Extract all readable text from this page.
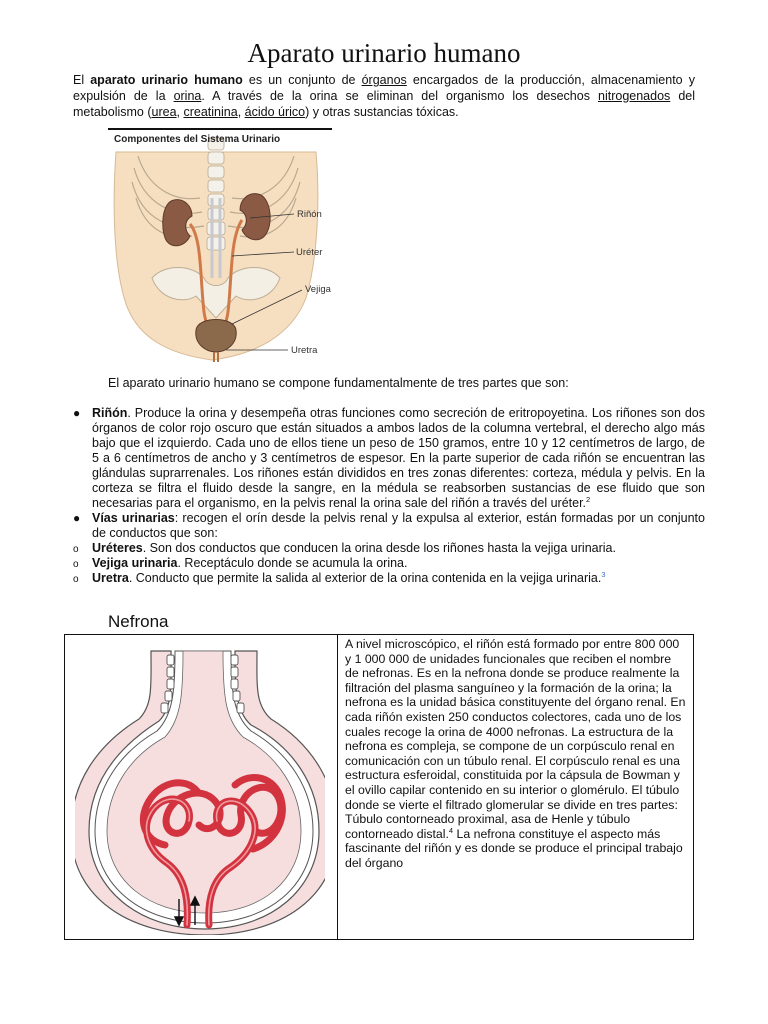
Aparato urinario humano
El aparato urinario humano es un conjunto de órganos encargados de la producción, almacenamiento y expulsión de la orina. A través de la orina se eliminan del organismo los desechos nitrogenados del metabolismo (urea, creatinina, ácido úrico) y otras sustancias tóxicas.
Componentes del Sistema Urinario
Riñón
Uréter
Vejiga
Uretra
El aparato urinario humano se compone fundamentalmente de tres partes que son:
● Riñón. Produce la orina y desempeña otras funciones como secreción de eritropoyetina. Los riñones son dos órganos de color rojo oscuro que están situados a ambos lados de la columna vertebral, el derecho algo más bajo que el izquierdo. Cada uno de ellos tiene un peso de 150 gramos, entre 10 y 12 centímetros de largo, de 5 a 6 centímetros de ancho y 3 centímetros de espesor. En la parte superior de cada riñón se encuentran las glándulas suprarrenales. Los riñones están divididos en tres zonas diferentes: corteza, médula y pelvis. En la corteza se filtra el fluido desde la sangre, en la médula se reabsorben sustancias de ese fluido que son necesarias para el organismo, en la pelvis renal la orina sale del riñón a través del uréter.$^2$
● Vías urinarias: recogen el orín desde la pelvis renal y la expulsa al exterior, están formadas por un conjunto de conductos que son:
o Uréteres. Son dos conductos que conducen la orina desde los riñones hasta la vejiga urinaria.
o Vejiga urinaria. Receptáculo donde se acumula la orina.
o Uretra. Conducto que permite la salida al exterior de la orina contenida en la vejiga urinaria.$^3$
Nefrona
A nivel microscópico, el riñón está formado por entre 800 000 y 1 000 000 de unidades funcionales que reciben el nombre de nefronas. Es en la nefrona donde se produce realmente la filtración del plasma sanguíneo y la formación de la orina; la nefrona es la unidad básica constituyente del órgano renal. En cada riñón existen 250 conductos colectores, cada uno de los cuales recoge la orina de 4000 nefronas. La estructura de la nefrona es compleja, se compone de un corpúsculo renal en comunicación con un túbulo renal. El corpúsculo renal es una estructura esferoidal, constituida por la cápsula de Bowman y el ovillo capilar contenido en su interior o glomérulo. El túbulo donde se vierte el filtrado glomerular se divide en tres partes: Túbulo contorneado proximal, asa de Henle y túbulo contorneado distal.$^4$ La nefrona constituye el aspecto más fascinante del riñón y es donde se produce el principal trabajo del órgano
